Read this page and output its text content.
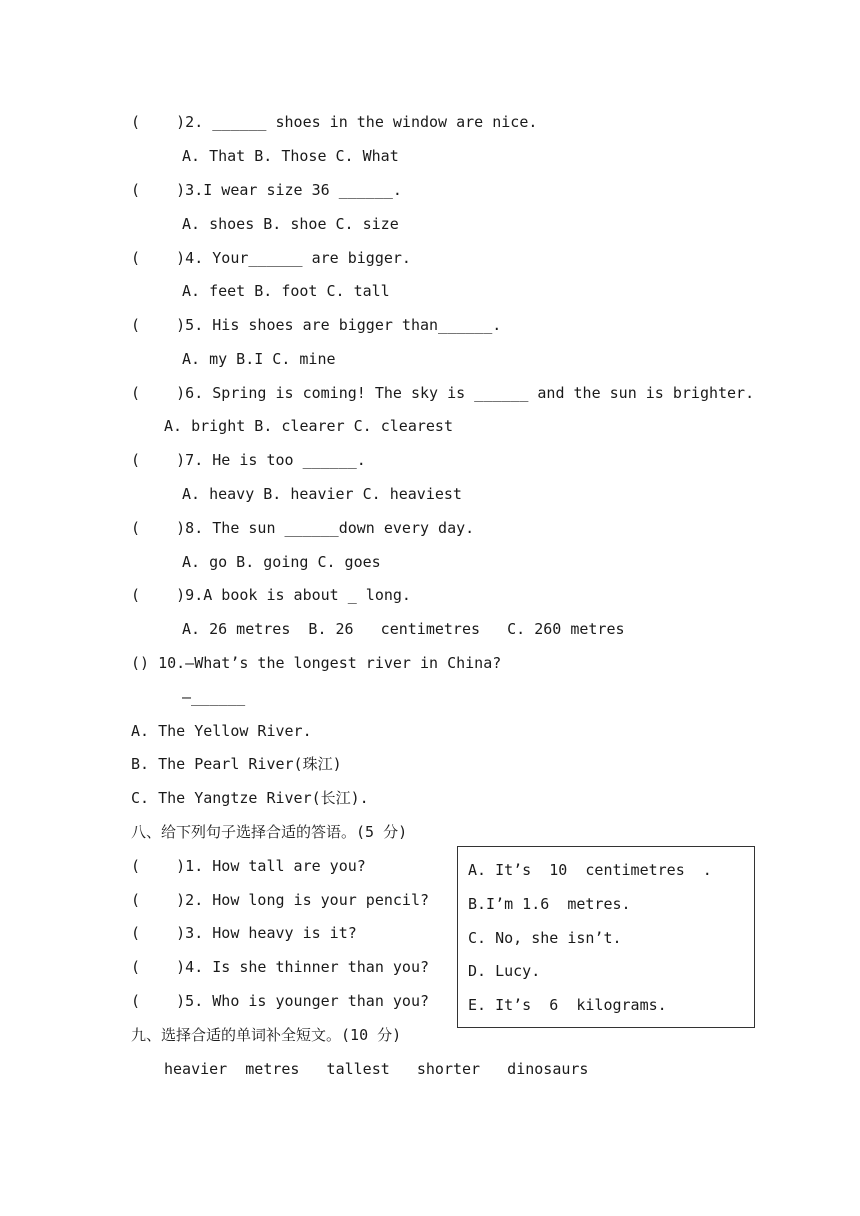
(    )2. ______ shoes in the window are nice.
A. That B. Those C. What
(    )3.I wear size 36 ______.
A. shoes B. shoe C. size
(    )4. Your______ are bigger.
A. feet B. foot C. tall
(    )5. His shoes are bigger than______.
A. my B.I C. mine
(    )6. Spring is coming! The sky is ______ and the sun is brighter.
A. bright B. clearer C. clearest
(    )7. He is too ______.
A. heavy B. heavier C. heaviest
(    )8. The sun ______down every day.
A. go B. going C. goes
(    )9.A book is about _ long.
A. 26 metres  B. 26   centimetres   C. 260 metres
() 10.—What’s the longest river in China?
—______
A. The Yellow River.
B. The Pearl River(珠江)
C. The Yangtze River(长江).
八、给下列句子选择合适的答语。(5 分)
(    )1. How tall are you?
(    )2. How long is your pencil?
(    )3. How heavy is it?
(    )4. Is she thinner than you?
(    )5. Who is younger than you?
A. It’s  10  centimetres  .
B.I’m 1.6  metres.
C. No, she isn’t.
D. Lucy.
E. It’s  6  kilograms.
九、选择合适的单词补全短文。(10 分)
heavier  metres   tallest   shorter   dinosaurs
